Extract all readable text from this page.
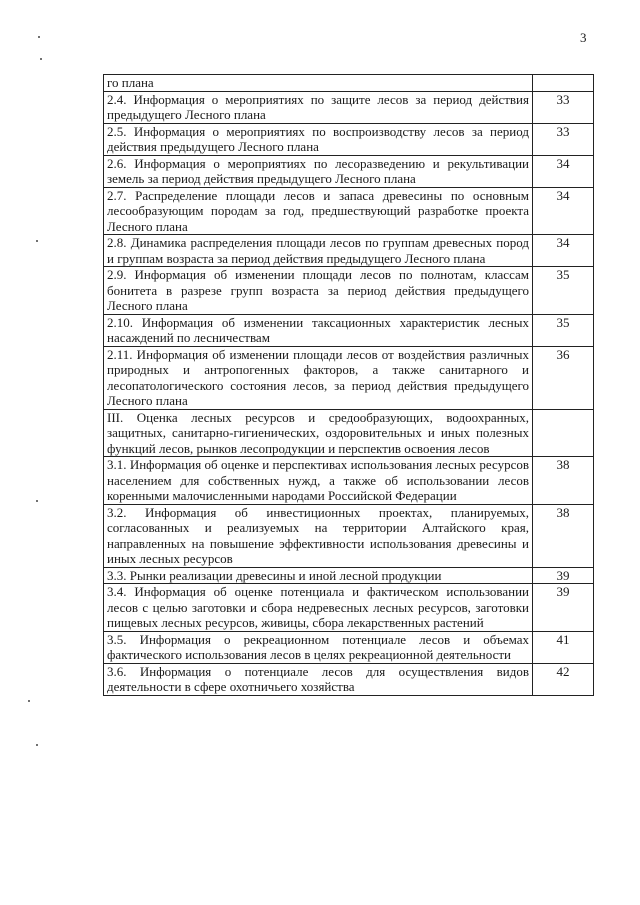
3
го плана	
2.4. Информация о мероприятиях по защите лесов за период действия предыдущего Лесного плана	33
2.5. Информация о мероприятиях по воспроизводству лесов за период действия предыдущего Лесного плана	33
2.6. Информация о мероприятиях по лесоразведению и рекультивации земель за период действия предыдущего Лесного плана	34
2.7. Распределение площади лесов и запаса древесины по основным лесообразующим породам за год, предшествующий разработке проекта Лесного плана	34
2.8. Динамика распределения площади лесов по группам древесных пород и группам возраста за период действия предыдущего Лесного плана	34
2.9. Информация об изменении площади лесов по полнотам, классам бонитета в разрезе групп возраста за период действия предыдущего Лесного плана	35
2.10. Информация об изменении таксационных характеристик лесных насаждений по лесничествам	35
2.11. Информация об изменении площади лесов от воздействия различных природных и антропогенных факторов, а также санитарного и лесопатологического состояния лесов, за период действия предыдущего Лесного плана	36
III. Оценка лесных ресурсов и средообразующих, водоохранных, защитных, санитарно-гигиенических, оздоровительных и иных полезных функций лесов, рынков лесопродукции и перспектив освоения лесов	
3.1. Информация об оценке и перспективах использования лесных ресурсов населением для собственных нужд, а также об использовании лесов коренными малочисленными народами Российской Федерации	38
3.2. Информация об инвестиционных проектах, планируемых, согласованных и реализуемых на территории Алтайского края, направленных на повышение эффективности использования древесины и иных лесных ресурсов	38
3.3. Рынки реализации древесины и иной лесной продукции	39
3.4. Информация об оценке потенциала и фактическом использовании лесов с целью заготовки и сбора недревесных лесных ресурсов, заготовки пищевых лесных ресурсов, живицы, сбора лекарственных растений	39
3.5. Информация о рекреационном потенциале лесов и объемах фактического использования лесов в целях рекреационной деятельности	41
3.6. Информация о потенциале лесов для осуществления видов деятельности в сфере охотничьего хозяйства	42
